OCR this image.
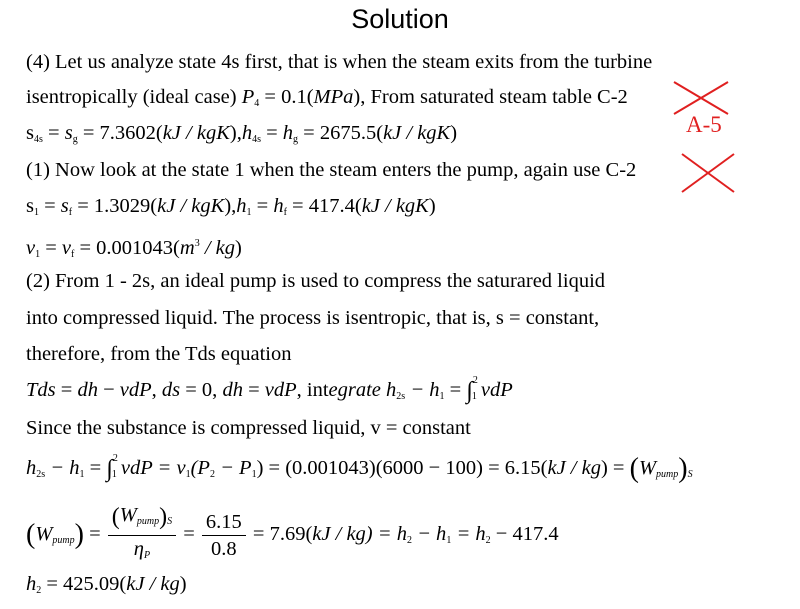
Solution
(4) Let us analyze state 4s first, that is when the steam exits from the turbine
isentropically (ideal case) $P_4 = 0.1(MPa)$, From saturated steam table C-2
$s_{4s} = s_g = 7.3602(kJ / kgK),h_{4s} = h_g = 2675.5(kJ / kgK)$
(1) Now look at the state 1 when the steam enters the pump, again use C-2
$s_1 = s_f = 1.3029(kJ / kgK),h_1 = h_f = 417.4(kJ / kgK)$
$v_1 = v_f = 0.001043(m^3 / kg)$
(2) From 1 - 2s, an ideal pump is used to compress the saturared liquid
into compressed liquid. The process is isentropic, that is, s = constant,
therefore, from the Tds equation
Tds = dh − vdP, ds = 0, dh = vdP, integrate $h_{2s} - h_1$ = ∫ 2
1 vdP
Since the substance is compressed liquid, v = constant
$h_{2s} - h_1$ = ∫ 2
1 vdP = $v_1(P_2 - P_1) = (0.001043)(6000 - 100) = 6.15(kJ / kg) = (W_{pump})_S$
$(W_{pump}) = \frac{(W_{pump})_S}{\eta_P} = \frac{6.15}{0.8} = 7.69(kJ / kg) = h_2 - h_1 = h_2 - 417.4$
$h_2 = 425.09(kJ / kg)$
A-5
